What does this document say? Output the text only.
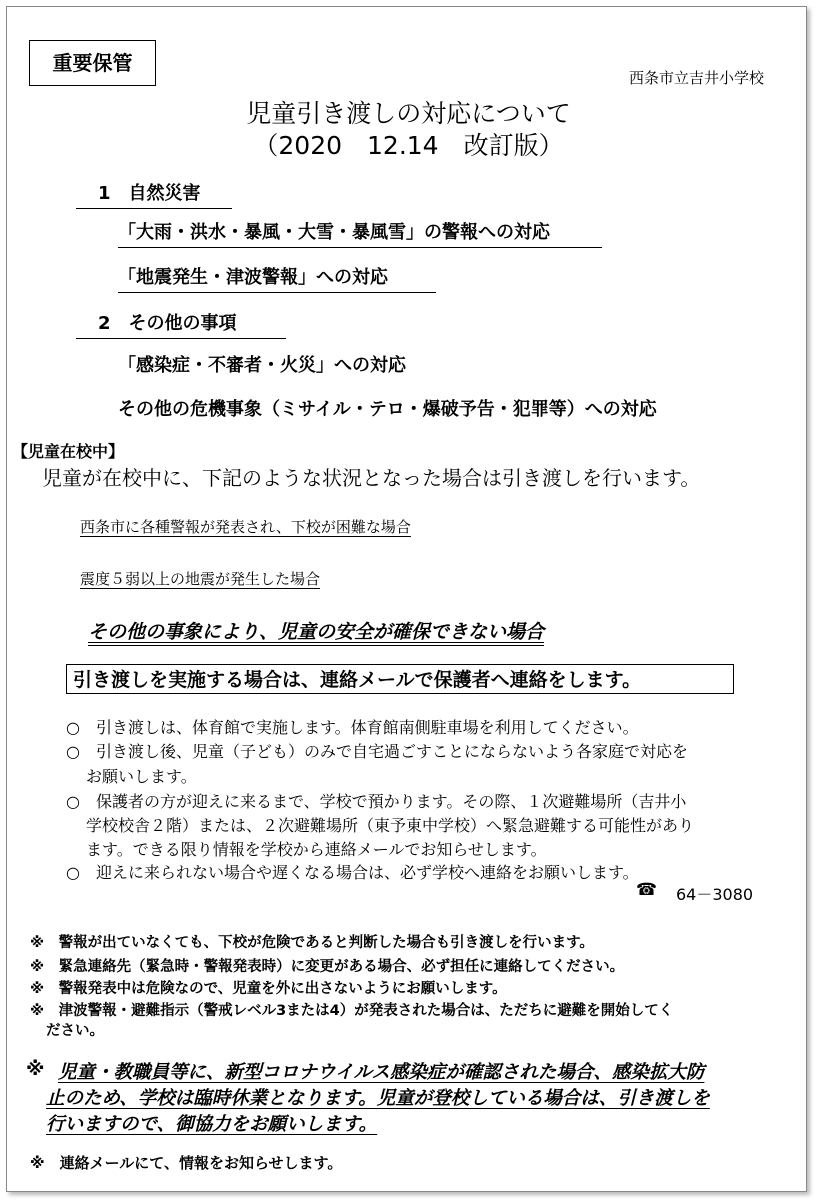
重要保管
西条市立吉井小学校
児童引き渡しの対応について
（2020　12.14　改訂版）
1　自然災害
「大雨・洪水・暴風・大雪・暴風雪」の警報への対応
「地震発生・津波警報」への対応
2　その他の事項
「感染症・不審者・火災」への対応
その他の危機事象（ミサイル・テロ・爆破予告・犯罪等）への対応
【児童在校中】
児童が在校中に、下記のような状況となった場合は引き渡しを行います。
西条市に各種警報が発表され、下校が困難な場合
震度５弱以上の地震が発生した場合
その他の事象により、児童の安全が確保できない場合
引き渡しを実施する場合は、連絡メールで保護者へ連絡をします。
○　引き渡しは、体育館で実施します。体育館南側駐車場を利用してください。
○　引き渡し後、児童（子ども）のみで自宅過ごすことにならないよう各家庭で対応を
お願いします。
○　保護者の方が迎えに来るまで、学校で預かります。その際、１次避難場所（吉井小
学校校舎２階）または、２次避難場所（東予東中学校）へ緊急避難する可能性があり
ます。できる限り情報を学校から連絡メールでお知らせします。
○　迎えに来られない場合や遅くなる場合は、必ず学校へ連絡をお願いします。
☎ 64－3080
※　警報が出ていなくても、下校が危険であると判断した場合も引き渡しを行います。
※　緊急連絡先（緊急時・警報発表時）に変更がある場合、必ず担任に連絡してください。
※　警報発表中は危険なので、児童を外に出さないようにお願いします。
※　津波警報・避難指示（警戒レベル3または4）が発表された場合は、ただちに避難を開始してく
ださい。
※ 児童・教職員等に、新型コロナウイルス感染症が確認された場合、感染拡大防
止のため、学校は臨時休業となります。児童が登校している場合は、引き渡しを
行いますので、御協力をお願いします。
※　連絡メールにて、情報をお知らせします。
